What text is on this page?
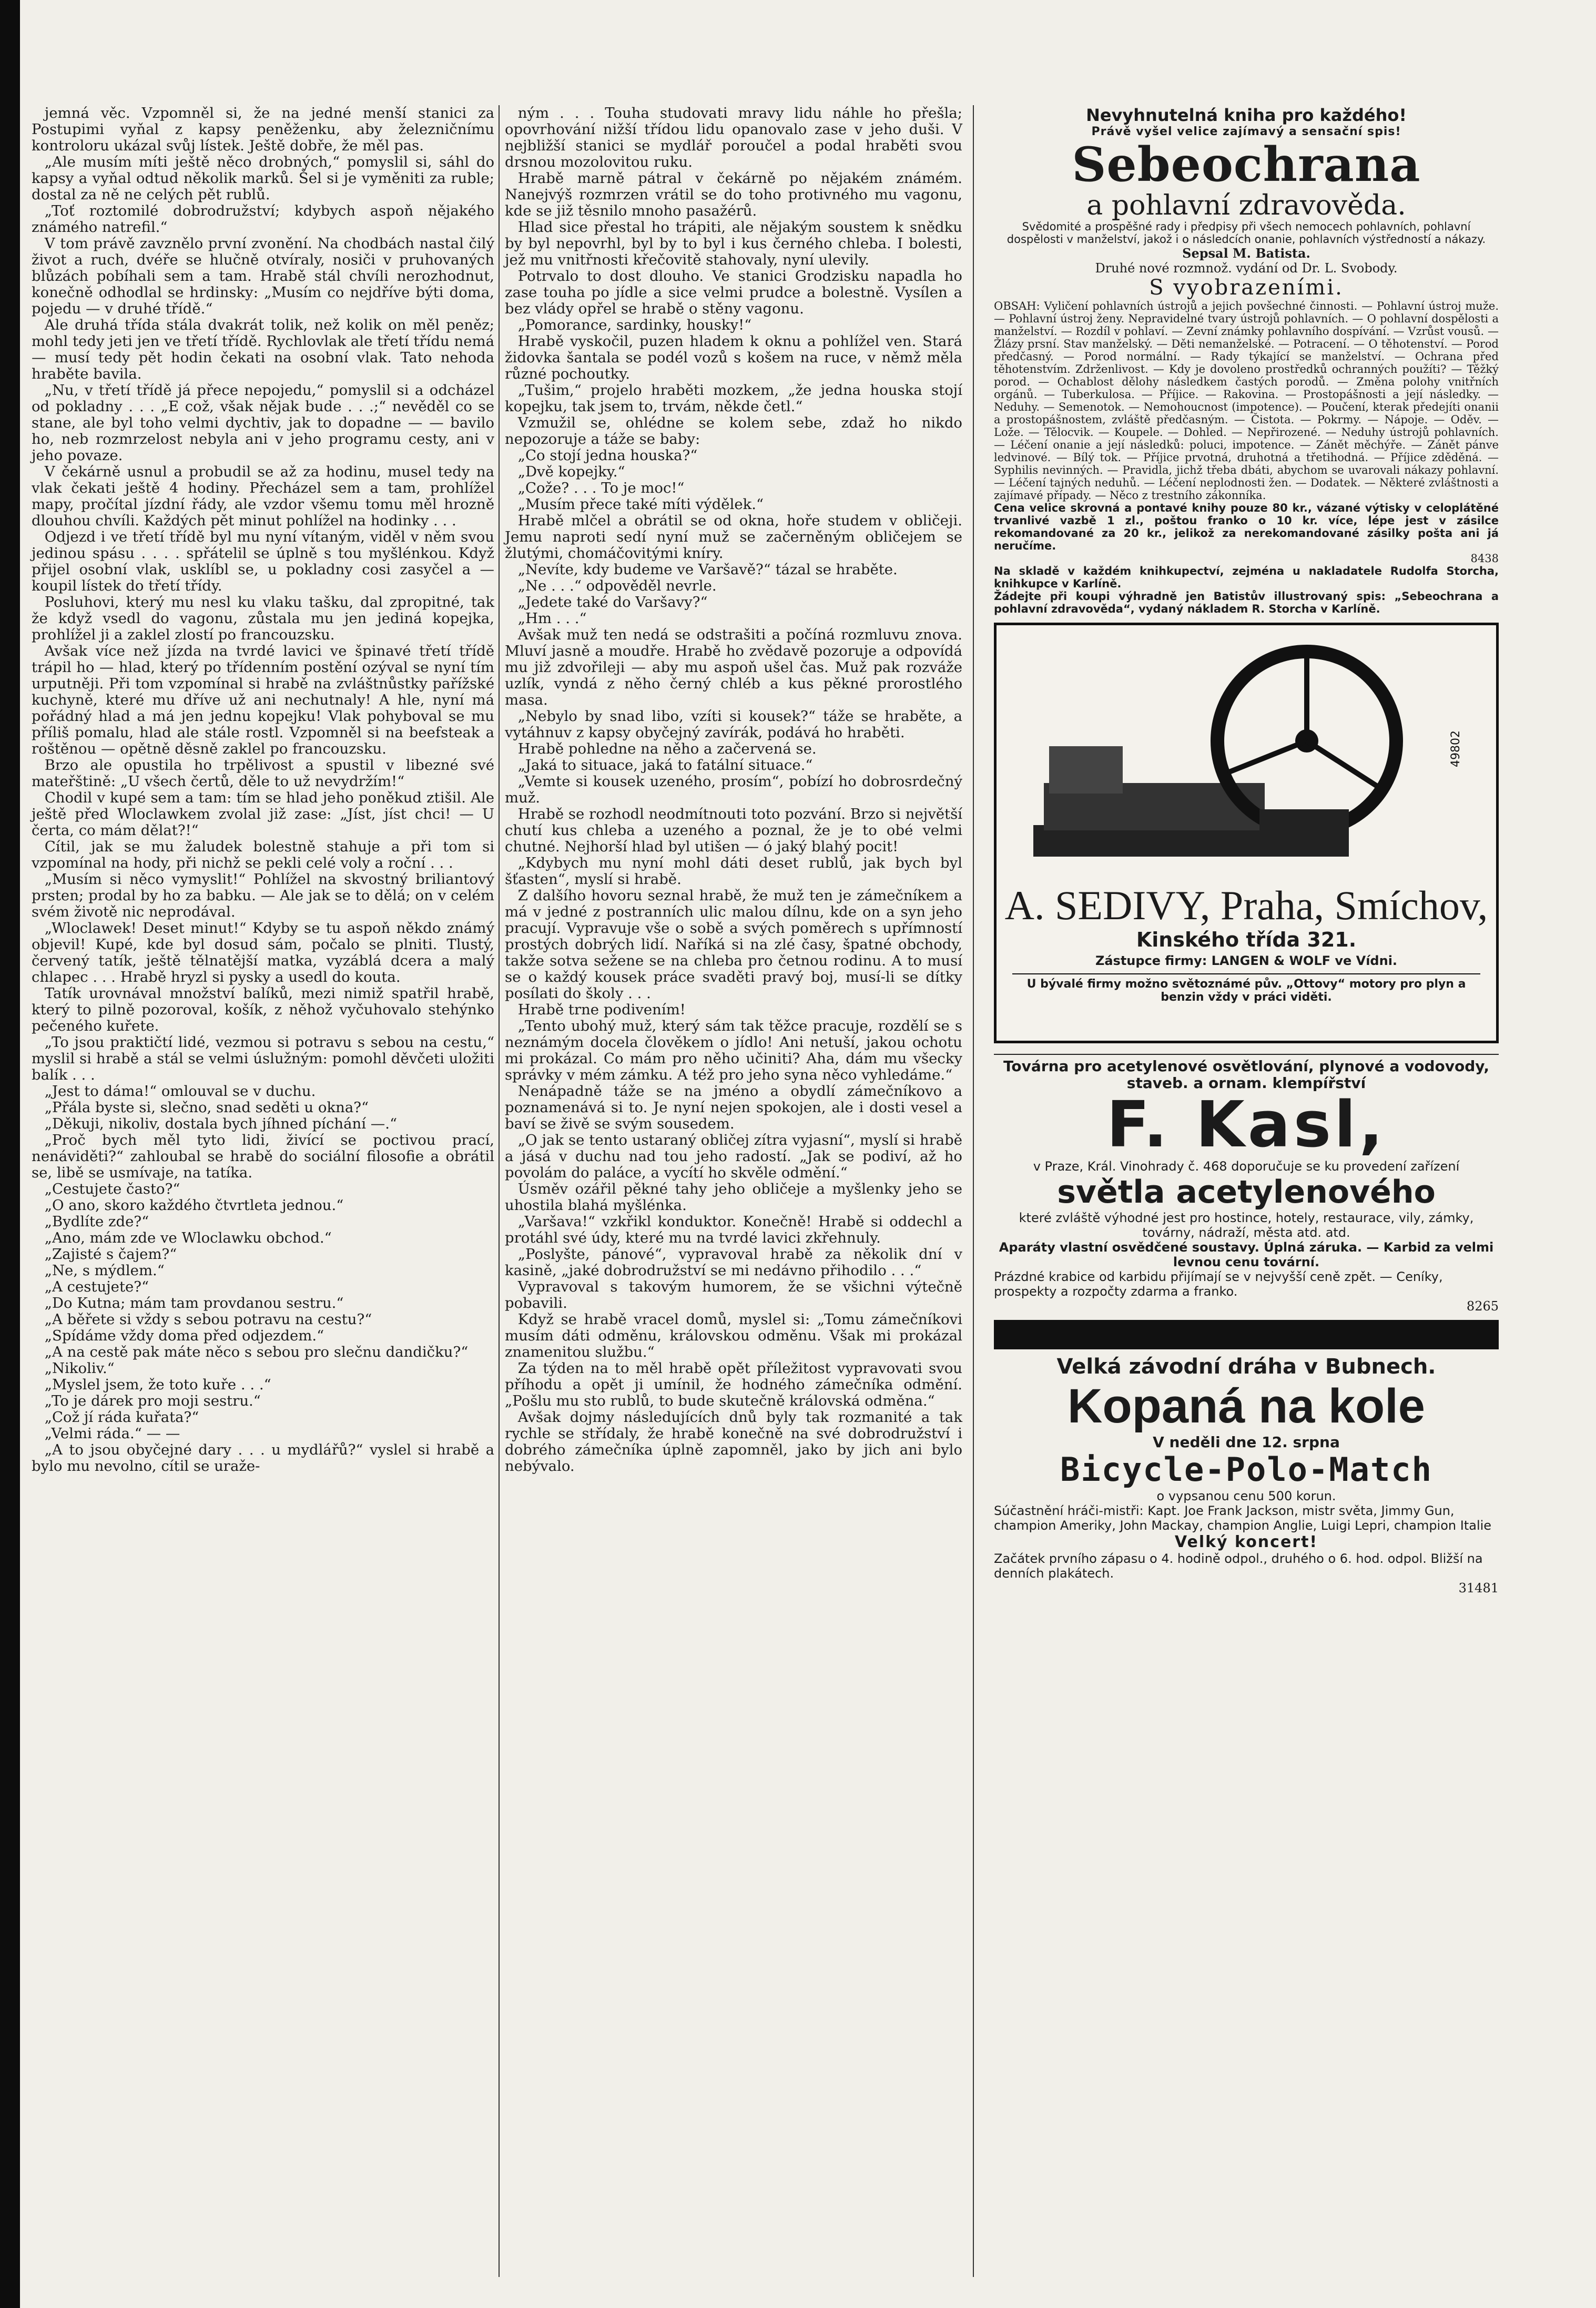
jemná věc. Vzpomněl si, že na jedné menší stanici za Postupimi vyňal z kapsy peněženku, aby železničnímu kontroloru ukázal svůj lístek. Ještě dobře, že měl pas.

„Ale musím míti ještě něco drobných,“ pomyslil si, sáhl do kapsy a vyňal odtud několik marků. Šel si je vyměniti za ruble; dostal za ně ne celých pět rublů.

„Toť roztomilé dobrodružství; kdybych aspoň nějakého známého natrefil.“

V tom právě zavznělo první zvonění. Na chodbách nastal čilý život a ruch, dvéře se hlučně otvíraly, nosiči v pruhovaných blůzách pobíhali sem a tam. Hrabě stál chvíli nerozhodnut, konečně odhodlal se hrdinsky: „Musím co nejdříve býti doma, pojedu — v druhé třídě.“

Ale druhá třída stála dvakrát tolik, než kolik on měl peněz; mohl tedy jeti jen ve třetí třídě. Rychlovlak ale třetí třídu nemá — musí tedy pět hodin čekati na osobní vlak. Tato nehoda hraběte bavila.

„Nu, v třetí třídě já přece nepojedu,“ pomyslil si a odcházel od pokladny . . . „E což, však nějak bude . . .;“ nevěděl co se stane, ale byl toho velmi dychtiv, jak to dopadne — — bavilo ho, neb rozmrzelost nebyla ani v jeho programu cesty, ani v jeho povaze.

V čekárně usnul a probudil se až za hodinu, musel tedy na vlak čekati ještě 4 hodiny. Přecházel sem a tam, prohlížel mapy, pročítal jízdní řády, ale vzdor všemu tomu měl hrozně dlouhou chvíli. Každých pět minut pohlížel na hodinky . . .

Odjezd i ve třetí třídě byl mu nyní vítaným, viděl v něm svou jedinou spásu . . . . spřátelil se úplně s tou myšlénkou. Když přijel osobní vlak, usklíbl se, u pokladny cosi zasyčel a — koupil lístek do třetí třídy.

Posluhovi, který mu nesl ku vlaku tašku, dal zpropitné, tak že když vsedl do vagonu, zůstala mu jen jediná kopejka, prohlížel ji a zaklel zlostí po francouzsku.

Avšak více než jízda na tvrdé lavici ve špinavé třetí třídě trápil ho — hlad, který po třídenním postění ozýval se nyní tím urputněji. Při tom vzpomínal si hrabě na zvláštnůstky pařížské kuchyně, které mu dříve už ani nechutnaly! A hle, nyní má pořádný hlad a má jen jednu kopejku! Vlak pohyboval se mu příliš pomalu, hlad ale stále rostl. Vzpomněl si na beefsteak a roštěnou — opětně děsně zaklel po francouzsku.

Brzo ale opustila ho trpělivost a spustil v libezné své mateřštině: „U všech čertů, děle to už nevydržím!“

Chodil v kupé sem a tam: tím se hlad jeho poněkud ztišil. Ale ještě před Wloclawkem zvolal již zase: „Jíst, jíst chci! — U čerta, co mám dělat?!“

Cítil, jak se mu žaludek bolestně stahuje a při tom si vzpomínal na hody, při nichž se pekli celé voly a roční . . .

„Musím si něco vymyslit!“ Pohlížel na skvostný briliantový prsten; prodal by ho za babku. — Ale jak se to dělá; on v celém svém životě nic neprodával.

„Wloclawek! Deset minut!“ Kdyby se tu aspoň někdo známý objevil! Kupé, kde byl dosud sám, počalo se plniti. Tlustý, červený tatík, ještě tělnatější matka, vyzáblá dcera a malý chlapec . . . Hrabě hryzl si pysky a usedl do kouta.

Tatík urovnával množství balíků, mezi nimiž spatřil hrabě, který to pilně pozoroval, košík, z něhož vyčuhovalo stehýnko pečeného kuřete.

„To jsou praktičtí lidé, vezmou si potravu s sebou na cestu,“ myslil si hrabě a stál se velmi úslužným: pomohl děvčeti uložiti balík . . .

„Jest to dáma!“ omlouval se v duchu.

„Přála byste si, slečno, snad seděti u okna?“

„Děkuji, nikoliv, dostala bych jíhned píchání —.“

„Proč bych měl tyto lidi, živící se poctivou prací, nenáviděti?“ zahloubal se hrabě do sociální filosofie a obrátil se, libě se usmívaje, na tatíka.

„Cestujete často?“

„O ano, skoro každého čtvrtleta jednou.“

„Bydlíte zde?“

„Ano, mám zde ve Wloclawku obchod.“

„Zajisté s čajem?“

„Ne, s mýdlem.“

„A cestujete?“

„Do Kutna; mám tam provdanou sestru.“

„A běřete si vždy s sebou potravu na cestu?“

„Spídáme vždy doma před odjezdem.“

„A na cestě pak máte něco s sebou pro slečnu dandičku?“

„Nikoliv.“

„Myslel jsem, že toto kuře . . .“

„To je dárek pro moji sestru.“

„Což jí ráda kuřata?“

„Velmi ráda.“ — —

„A to jsou obyčejné dary . . . u mydlářů?“ vyslel si hrabě a bylo mu nevolno, cítil se uraže-

ným . . . Touha studovati mravy lidu náhle ho přešla; opovrhování nižší třídou lidu opanovalo zase v jeho duši. V nejbližší stanici se mydlář poroučel a podal hraběti svou drsnou mozolovitou ruku.

Hrabě marně pátral v čekárně po nějakém známém. Nanejvýš rozmrzen vrátil se do toho protivného mu vagonu, kde se již těsnilo mnoho pasažérů.

Hlad sice přestal ho trápiti, ale nějakým soustem k snědku by byl nepovrhl, byl by to byl i kus černého chleba. I bolesti, jež mu vnitřnosti křečovitě stahovaly, nyní ulevily.

Potrvalo to dost dlouho. Ve stanici Grodzisku napadla ho zase touha po jídle a sice velmi prudce a bolestně. Vysílen a bez vlády opřel se hrabě o stěny vagonu.

„Pomorance, sardinky, housky!“

Hrabě vyskočil, puzen hladem k oknu a pohlížel ven. Stará židovka šantala se podél vozů s košem na ruce, v němž měla různé pochoutky.

„Tušim,“ projelo hraběti mozkem, „že jedna houska stojí kopejku, tak jsem to, trvám, někde četl.“

Vzmužil se, ohlédne se kolem sebe, zdaž ho nikdo nepozoruje a táže se baby:

„Co stojí jedna houska?“

„Dvě kopejky.“

„Cože? . . . To je moc!“

„Musím přece také míti výdělek.“

Hrabě mlčel a obrátil se od okna, hoře studem v obličeji. Jemu naproti sedí nyní muž se začerněným obličejem se žlutými, chomáčovitými kníry.

„Nevíte, kdy budeme ve Varšavě?“ tázal se hraběte.

„Ne . . .“ odpověděl nevrle.

„Jedete také do Varšavy?“

„Hm . . .“

Avšak muž ten nedá se odstrašiti a počíná rozmluvu znova. Mluví jasně a moudře. Hrabě ho zvědavě pozoruje a odpovídá mu již zdvořileji — aby mu aspoň ušel čas. Muž pak rozváže uzlík, vyndá z něho černý chléb a kus pěkné prorostlého masa.

„Nebylo by snad libo, vzíti si kousek?“ táže se hraběte, a vytáhnuv z kapsy obyčejný zavírák, podává ho hraběti.

Hrabě pohledne na něho a začervená se.

„Jaká to situace, jaká to fatální situace.“

„Vemte si kousek uzeného, prosím“, pobízí ho dobrosrdečný muž.

Hrabě se rozhodl neodmítnouti toto pozvání. Brzo si největší chutí kus chleba a uzeného a poznal, že je to obé velmi chutné. Nejhorší hlad byl utišen — ó jaký blahý pocit!

„Kdybych mu nyní mohl dáti deset rublů, jak bych byl šťasten“, myslí si hrabě.

Z dalšího hovoru seznal hrabě, že muž ten je zámečníkem a má v jedné z postranních ulic malou dílnu, kde on a syn jeho pracují. Vypravuje vše o sobě a svých poměrech s upřímností prostých dobrých lidí. Naříká si na zlé časy, špatné obchody, takže sotva sežene se na chleba pro četnou rodinu. A to musí se o každý kousek práce svaděti pravý boj, musí-li se dítky posílati do školy . . .

Hrabě trne podivením!

„Tento ubohý muž, který sám tak těžce pracuje, rozdělí se s neznámým docela člověkem o jídlo! Ani netuší, jakou ochotu mi prokázal. Co mám pro něho učiniti? Aha, dám mu všecky správky v mém zámku. A též pro jeho syna něco vyhledáme.“

Nenápadně táže se na jméno a obydlí zámečníkovo a poznamenává si to. Je nyní nejen spokojen, ale i dosti vesel a baví se živě se svým sousedem.

„O jak se tento ustaraný obličej zítra vyjasní“, myslí si hrabě a jásá v duchu nad tou jeho radostí. „Jak se podiví, až ho povolám do paláce, a vycítí ho skvěle odmění.“

Úsměv ozářil pěkné tahy jeho obličeje a myšlenky jeho se uhostila blahá myšlénka.

„Varšava!“ vzkřikl konduktor. Konečně! Hrabě si oddechl a protáhl své údy, které mu na tvrdé lavici zkřehnuly.

„Poslyšte, pánové“, vypravoval hrabě za několik dní v kasině, „jaké dobrodružství se mi nedávno přihodilo . . .“

Vypravoval s takovým humorem, že se všichni výtečně pobavili.

Když se hrabě vracel domů, myslel si: „Tomu zámečníkovi musím dáti odměnu, královskou odměnu. Však mi prokázal znamenitou službu.“

Za týden na to měl hrabě opět příležitost vypravovati svou příhodu a opět ji umínil, že hodného zámečníka odmění. „Pošlu mu sto rublů, to bude skutečně královská odměna.“

Avšak dojmy následujících dnů byly tak rozmanité a tak rychle se střídaly, že hrabě konečně na své dobrodružství i dobrého zámečníka úplně zapomněl, jako by jich ani bylo nebývalo.

Nevyhnutelná kniha pro každého!
Právě vyšel velice zajímavý a sensační spis!
Sebeochrana
a pohlavní zdravověda.
Svědomité a prospěšné rady i předpisy při všech nemocech pohlavních, pohlavní dospělosti v manželství, jakož i o následcích onanie, pohlavních výstředností a nákazy.
Sepsal M. Batista.
Druhé nové rozmnož. vydání od Dr. L. Svobody.
S vyobrazeními.
OBSAH: Vyličení pohlavních ústrojů a jejich povšechné činnosti. — Pohlavní ústroj muže. — Pohlavní ústroj ženy. Nepravidelné tvary ústrojů pohlavních. — O pohlavní dospělosti a manželství. — Rozdíl v pohlaví. — Zevní známky pohlavního dospívání. — Vzrůst vousů. — Žlázy prsní. Stav manželský. — Děti nemanželské. — Potracení. — O těhotenství. — Porod předčasný. — Porod normální. — Rady týkající se manželství. — Ochrana před těhotenstvím. Zdrženlivost. — Kdy je dovoleno prostředků ochranných použíti? — Těžký porod. — Ochablost dělohy následkem častých porodů. — Změna polohy vnitřních orgánů. — Tuberkulosa. — Příjice. — Rakovina. — Prostopášnosti a její následky. — Neduhy. — Semenotok. — Nemohoucnost (impotence). — Poučení, kterak předejíti onanii a prostopášnostem, zvláště předčasným. — Čistota. — Pokrmy. — Nápoje. — Oděv. — Lože. — Tělocvik. — Koupele. — Dohled. — Nepřirozené. — Neduhy ústrojů pohlavních. — Léčení onanie a její následků: poluci, impotence. — Zánět měchýře. — Zánět pánve ledvinové. — Bílý tok. — Příjice prvotná, druhotná a třetihodná. — Příjice zděděná. — Syphilis nevinných. — Pravidla, jichž třeba dbáti, abychom se uvarovali nákazy pohlavní. — Léčení tajných neduhů. — Léčení neplodnosti žen. — Dodatek. — Některé zvláštnosti a zajímavé případy. — Něco z trestního zákonníka.
Cena velice skrovná a pontavé knihy pouze 80 kr., vázané výtisky v celoplátěné trvanlivé vazbě 1 zl., poštou franko o 10 kr. více, lépe jest v zásilce rekomandované za 20 kr., jelikož za nerekomandované zásilky pošta ani já neručíme.
8438
Na skladě v každém knihkupectví, zejména u nakladatele Rudolfa Storcha, knihkupce v Karlíně.
Žádejte při koupi výhradně jen Batistův illustrovaný spis: „Sebeochrana a pohlavní zdravověda“, vydaný nákladem R. Storcha v Karlíně.
49802
A. SEDIVY, Praha, Smíchov,
Kinského třída 321.
Zástupce firmy: LANGEN & WOLF ve Vídni.
U bývalé firmy možno světoznámé pův. „Ottovy“ motory pro plyn a benzin vždy v práci viděti.
Továrna pro acetylenové osvětlování, plynové a vodovody, staveb. a ornam. klempířství
F. Kasl,
v Praze, Král. Vinohrady č. 468 doporučuje se ku provedení zařízení
světla acetylenového
které zvláště výhodné jest pro hostince, hotely, restaurace, vily, zámky, továrny, nádraží, města atd. atd.
Aparáty vlastní osvědčené soustavy. Úplná záruka. — Karbid za velmi levnou cenu tovární.
Prázdné krabice od karbidu přijímají se v nejvyšší ceně zpět. — Ceníky, prospekty a rozpočty zdarma a franko.
8265
Velká závodní dráha v Bubnech.
Kopaná na kole
V neděli dne 12. srpna
Bicycle-Polo-Match
o vypsanou cenu 500 korun.
Súčastnění hráči-mistři: Kapt. Joe Frank Jackson, mistr světa, Jimmy Gun, champion Ameriky, John Mackay, champion Anglie, Luigi Lepri, champion Italie
Velký koncert!
Začátek prvního zápasu o 4. hodině odpol., druhého o 6. hod. odpol. Bližší na denních plakátech.
31481
